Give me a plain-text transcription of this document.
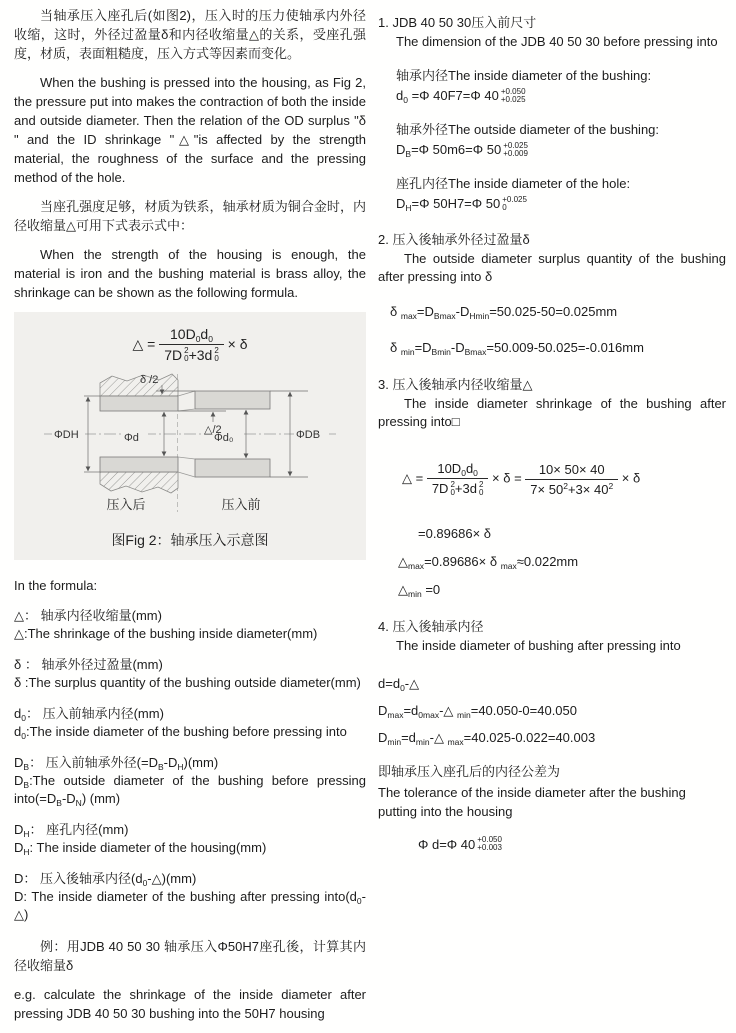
当轴承压入座孔后(如图2)，压入时的压力使轴承内外径收缩，这时，外径过盈量δ和内径收缩量△的关系，受座孔强度，材质，表面粗糙度，压入方式等因素而变化。

When the bushing is pressed into the housing, as Fig 2, the pressure put into makes the contraction of both the inside and outside diameter. Then the relation of the OD surplus "δ " and the ID shrinkage "△"is affected by the strength material, the roughness of the surface and the pressing method of the hole.

当座孔强度足够，材质为铁系，轴承材质为铜合金时，内径收缩量△可用下式表示式中：

When the strength of the housing is enough, the material is iron and the bushing material is brass alloy, the shrinkage can be shown as the following formula.

△ = $10D_0d_0$
7D 2
0 +3d 2
0 × δ
ΦDH	Φd	Φd₀	ΦDB
δ /2
△/2
压入后	压入前
图Fig 2：轴承压入示意图

In the formula:

△： 轴承内径收缩量(mm)
△:The shrinkage of the bushing inside diameter(mm)
δ ： 轴承外径过盈量(mm)
δ :The surplus quantity of the bushing outside diameter(mm)
$d_0$： 压入前轴承内径(mm)
$d_0:The$ inside diameter of the bushing before pressing into
$D_B$： 压入前轴承外径$(=D_B-D_H)(mm)$
$D_B:The$ outside diameter of the bushing before pressing $into(=D_B-D_N)$ (mm)
$D_H$： 座孔内径(mm)
$D_H$: The inside diameter of the housing(mm)
D： 压入後轴承内径$(d_0-\triangle)(mm)$
D: The inside diameter of the bushing after pressing $into(d_0-\triangle)$

例：用JDB 40 50 30 轴承压入Φ50H7座孔後，计算其内径收缩量δ

e.g. calculate the shrinkage of the inside diameter after pressing JDB 40 50 30 bushing into the 50H7 housing

1. JDB 40 50 30压入前尺寸
The dimension of the JDB 40 50 30 before pressing into
轴承内径The inside diameter of the bushing:
$d_0 =\Phi$ 40F7=Φ 40 +0.050
+0.025
轴承外径The outside diameter of the bushing:
$D_B=\Phi$ 50m6=Φ 50 +0.025
+0.009
座孔内径The inside diameter of the hole:
$D_H=\Phi$ 50H7=Φ 50 +0.025
0
2. 压入後轴承外径过盈量δ
The outside diameter surplus quantity of the bushing after pressing into δ
δ $_{max}=D_{Bmax}-D_{Hmin}=50.025-50=0.025mm$
δ $_{min}=D_{Bmin}-D_{Bmax}=50.009-50.025=-0.016mm$
3. 压入後轴承内径收缩量△
The inside diameter shrinkage of the bushing after pressing into□
△ = $10D_0d_0$
7D 2
0 +3d 2
$0 \times \delta = \frac{10\times 50\times 40}{7\times 50^2+3\times 40^2} \times \delta$
=0.89686× δ
$\triangle_{max}=0.89686\times \delta$ $_{max}$≈0.022mm
$\triangle_{min} =0$
4. 压入後轴承内径
The inside diameter of bushing after pressing into
$d=d_0-\triangle$
$D_{max}=d_{0max}-\triangle$ $_{min}$=40.050-0=40.050
$D_{min}=d_{min}-\triangle$ $_{max}$=40.025-0.022=40.003
即轴承压入座孔后的内径公差为
The tolerance of the inside diameter after the bushing putting into the housing
Φ d=Φ 40 +0.050
+0.003
